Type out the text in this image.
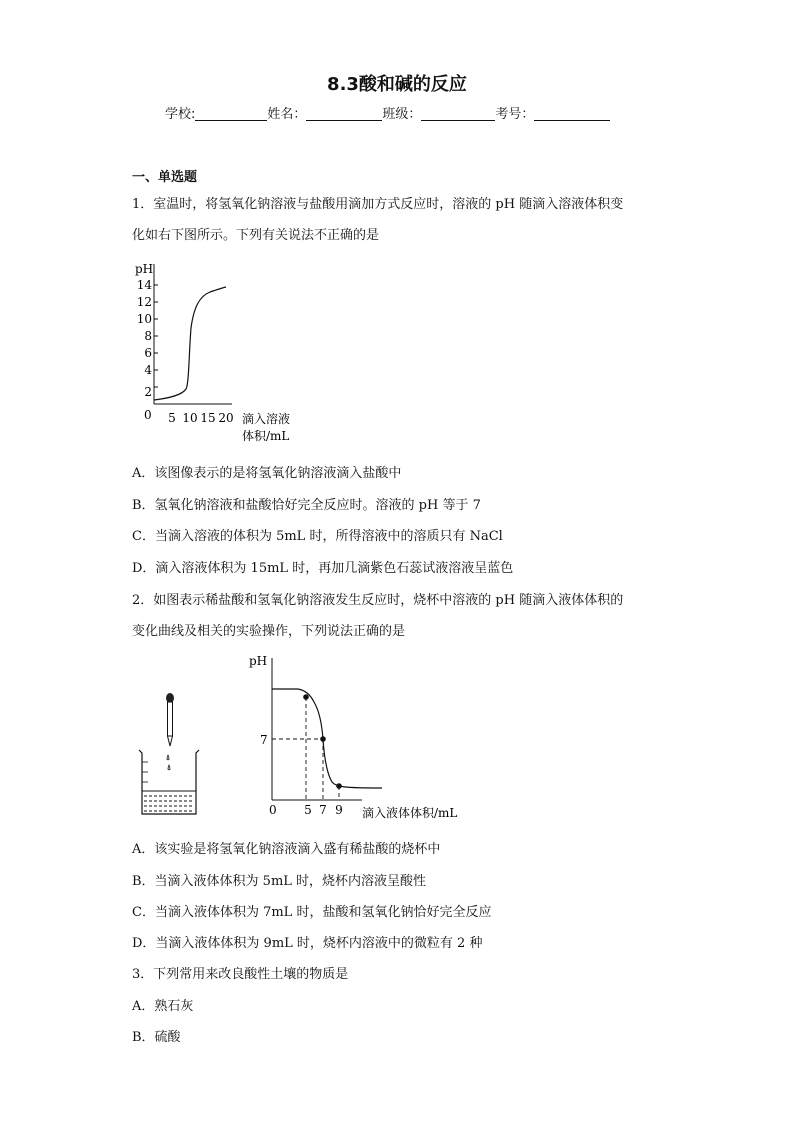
8.3酸和碱的反应
学校:	姓名：	班级：	考号：
一、单选题
1．室温时，将氢氧化钠溶液与盐酸用滴加方式反应时，溶液的 pH 随滴入溶液体积变
化如右下图所示。下列有关说法不正确的是
pH
14
12
10
8
6
4
2
0 5 10 15 20 滴入溶液
体积/mL
A．该图像表示的是将氢氧化钠溶液滴入盐酸中
B．氢氧化钠溶液和盐酸恰好完全反应时。溶液的 pH 等于 7
C．当滴入溶液的体积为 5mL 时，所得溶液中的溶质只有 NaCl
D．滴入溶液体积为 15mL 时，再加几滴紫色石蕊试液溶液呈蓝色
2．如图表示稀盐酸和氢氧化钠溶液发生反应时，烧杯中溶液的 pH 随滴入液体体积的
变化曲线及相关的实验操作，下列说法正确的是
pH
7
0 5 7 9 滴入液体体积/mL
A．该实验是将氢氧化钠溶液滴入盛有稀盐酸的烧杯中
B．当滴入液体体积为 5mL 时，烧杯内溶液呈酸性
C．当滴入液体体积为 7mL 时，盐酸和氢氧化钠恰好完全反应
D．当滴入液体体积为 9mL 时，烧杯内溶液中的微粒有 2 种
3．下列常用来改良酸性土壤的物质是
A．熟石灰
B．硫酸
